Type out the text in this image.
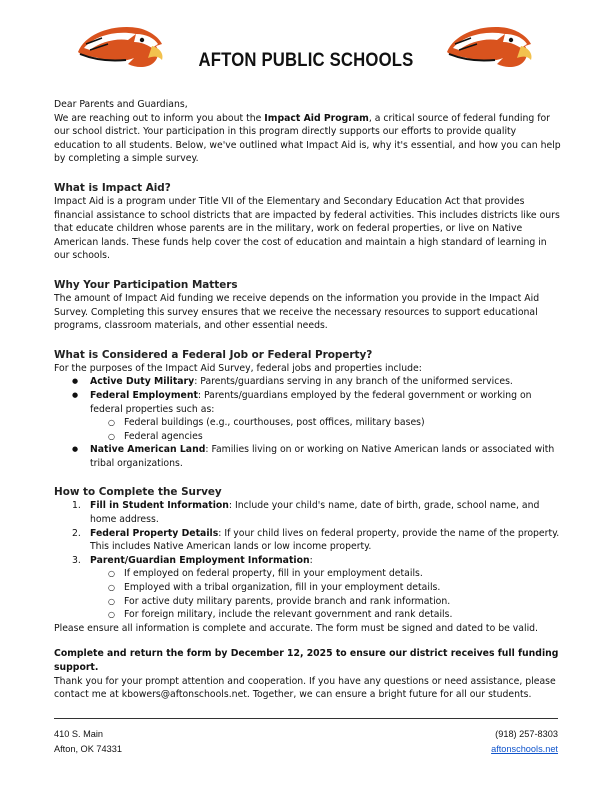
AFTON PUBLIC SCHOOLS

Dear Parents and Guardians,

We are reaching out to inform you about the Impact Aid Program, a critical source of federal funding for our school district. Your participation in this program directly supports our efforts to provide quality education to all students. Below, we've outlined what Impact Aid is, why it's essential, and how you can help by completing a simple survey.

What is Impact Aid?

Impact Aid is a program under Title VII of the Elementary and Secondary Education Act that provides financial assistance to school districts that are impacted by federal activities. This includes districts like ours that educate children whose parents are in the military, work on federal properties, or live on Native American lands. These funds help cover the cost of education and maintain a high standard of learning in our schools.

Why Your Participation Matters

The amount of Impact Aid funding we receive depends on the information you provide in the Impact Aid Survey. Completing this survey ensures that we receive the necessary resources to support educational programs, classroom materials, and other essential needs.

What is Considered a Federal Job or Federal Property?

For the purposes of the Impact Aid Survey, federal jobs and properties include:

● Active Duty Military: Parents/guardians serving in any branch of the uniformed services.
● Federal Employment: Parents/guardians employed by the federal government or working on federal properties such as:
○ Federal buildings (e.g., courthouses, post offices, military bases)
○ Federal agencies
● Native American Land: Families living on or working on Native American lands or associated with tribal organizations.
How to Complete the Survey
1. Fill in Student Information: Include your child's name, date of birth, grade, school name, and home address.
2. Federal Property Details: If your child lives on federal property, provide the name of the property. This includes Native American lands or low income property.
3. Parent/Guardian Employment Information:
○ If employed on federal property, fill in your employment details.
○ Employed with a tribal organization, fill in your employment details.
○ For active duty military parents, provide branch and rank information.
○ For foreign military, include the relevant government and rank details.

Please ensure all information is complete and accurate. The form must be signed and dated to be valid.

Complete and return the form by December 12, 2025 to ensure our district receives full funding support.

Thank you for your prompt attention and cooperation. If you have any questions or need assistance, please contact me at kbowers@aftonschools.net. Together, we can ensure a bright future for all our students.

410 S. Main
Afton, OK 74331
(918) 257-8303
aftonschools.net
